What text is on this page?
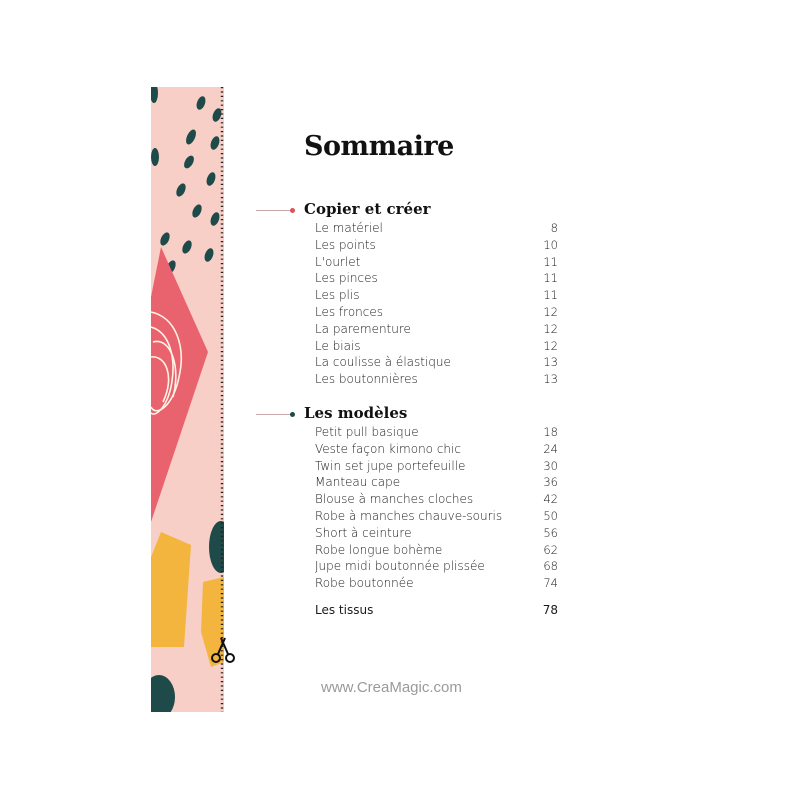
Sommaire
Copier et créer
Le matériel	8
Les points	10
L'ourlet	11
Les pinces	11
Les plis	11
Les fronces	12
La parementure	12
Le biais	12
La coulisse à élastique	13
Les boutonnières	13
Les modèles
Petit pull basique	18
Veste façon kimono chic	24
Twin set jupe portefeuille	30
Manteau cape	36
Blouse à manches cloches	42
Robe à manches chauve-souris	50
Short à ceinture	56
Robe longue bohème	62
Jupe midi boutonnée plissée	68
Robe boutonnée	74
Les tissus	78
www.CreaMagic.com
